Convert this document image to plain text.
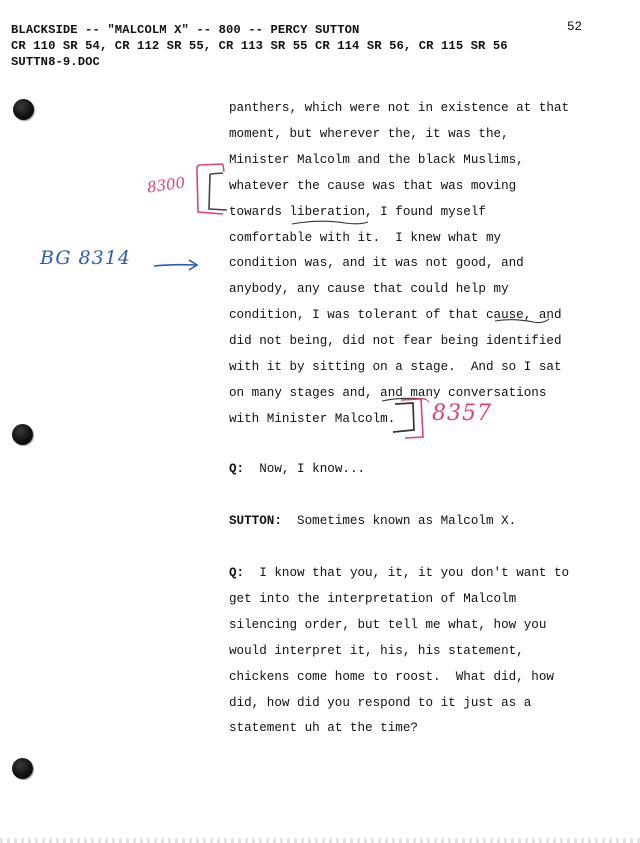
BLACKSIDE -- "MALCOLM X" -- 800 -- PERCY SUTTON
CR 110 SR 54, CR 112 SR 55, CR 113 SR 55 CR 114 SR 56, CR 115 SR 56
SUTTN8-9.DOC
52
panthers, which were not in existence at that
moment, but wherever the, it was the,
Minister Malcolm and the black Muslims,
whatever the cause was that was moving
towards liberation, I found myself
comfortable with it.  I knew what my
condition was, and it was not good, and
anybody, any cause that could help my
condition, I was tolerant of that cause, and
did not being, did not fear being identified
with it by sitting on a stage.  And so I sat
on many stages and, and many conversations
with Minister Malcolm.
Q: Now, I know...
SUTTON: Sometimes known as Malcolm X.
Q: I know that you, it, it you don't want to
get into the interpretation of Malcolm
silencing order, but tell me what, how you
would interpret it, his, his statement,
chickens come home to roost.  What did, how
did, how did you respond to it just as a
statement uh at the time?
8300
BG 8314
8357
